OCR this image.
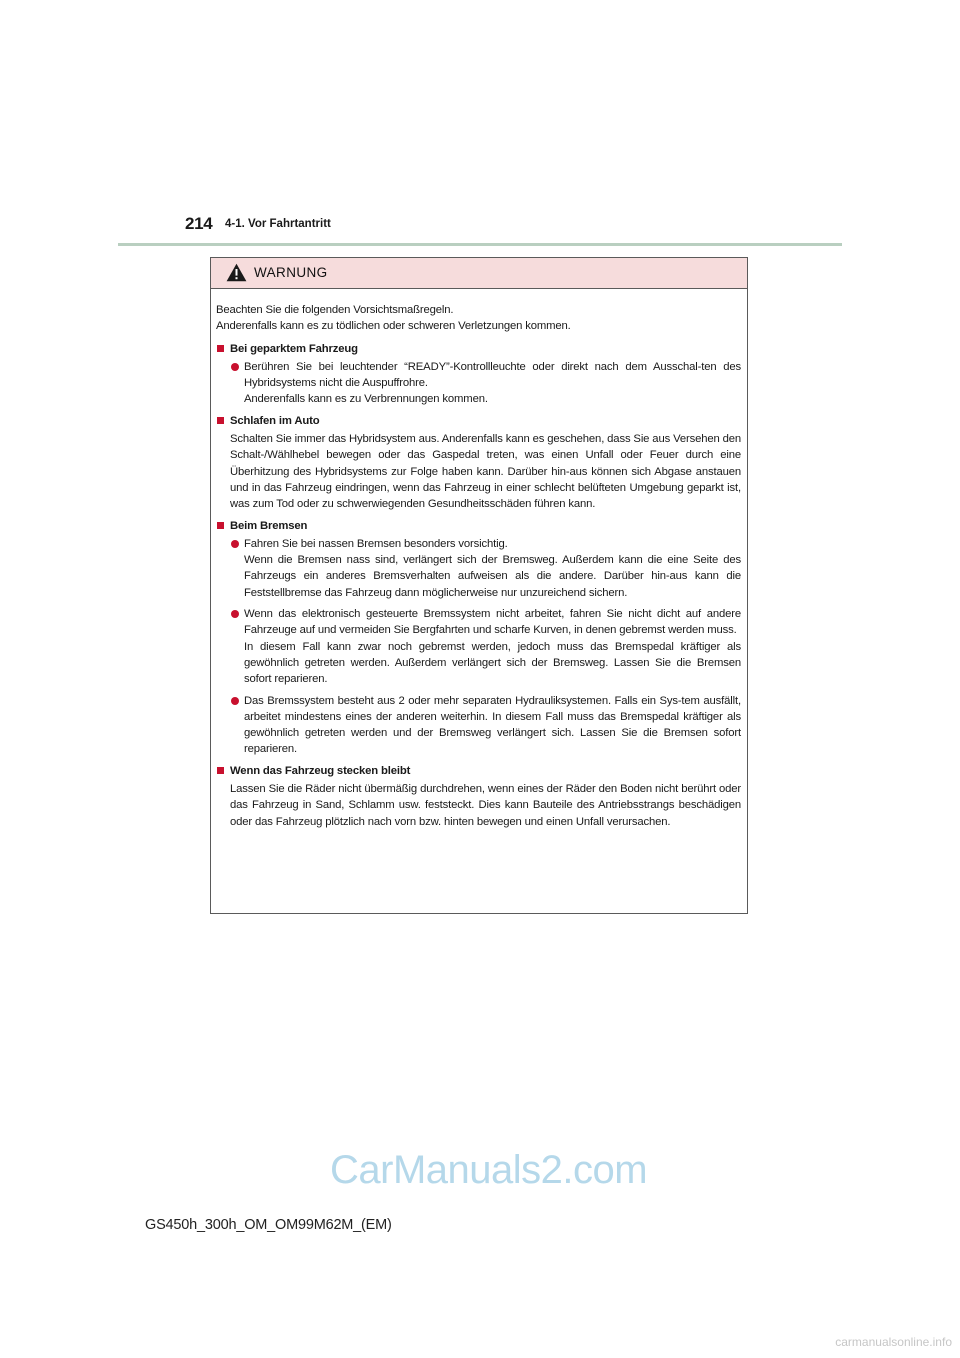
214 4-1. Vor Fahrtantritt
WARNUNG
Beachten Sie die folgenden Vorsichtsmaßregeln.
Anderenfalls kann es zu tödlichen oder schweren Verletzungen kommen.
Bei geparktem Fahrzeug
Berühren Sie bei leuchtender “READY”-Kontrollleuchte oder direkt nach dem Ausschal-ten des Hybridsystems nicht die Auspuffrohre.
Anderenfalls kann es zu Verbrennungen kommen.
Schlafen im Auto
Schalten Sie immer das Hybridsystem aus. Anderenfalls kann es geschehen, dass Sie aus Versehen den Schalt-/Wählhebel bewegen oder das Gaspedal treten, was einen Unfall oder Feuer durch eine Überhitzung des Hybridsystems zur Folge haben kann. Darüber hin-aus können sich Abgase anstauen und in das Fahrzeug eindringen, wenn das Fahrzeug in einer schlecht belüfteten Umgebung geparkt ist, was zum Tod oder zu schwerwiegenden Gesundheitsschäden führen kann.
Beim Bremsen
Fahren Sie bei nassen Bremsen besonders vorsichtig.
Wenn die Bremsen nass sind, verlängert sich der Bremsweg. Außerdem kann die eine Seite des Fahrzeugs ein anderes Bremsverhalten aufweisen als die andere. Darüber hin-aus kann die Feststellbremse das Fahrzeug dann möglicherweise nur unzureichend sichern.
Wenn das elektronisch gesteuerte Bremssystem nicht arbeitet, fahren Sie nicht dicht auf andere Fahrzeuge auf und vermeiden Sie Bergfahrten und scharfe Kurven, in denen gebremst werden muss.
In diesem Fall kann zwar noch gebremst werden, jedoch muss das Bremspedal kräftiger als gewöhnlich getreten werden. Außerdem verlängert sich der Bremsweg. Lassen Sie die Bremsen sofort reparieren.
Das Bremssystem besteht aus 2 oder mehr separaten Hydrauliksystemen. Falls ein Sys-tem ausfällt, arbeitet mindestens eines der anderen weiterhin. In diesem Fall muss das Bremspedal kräftiger als gewöhnlich getreten werden und der Bremsweg verlängert sich. Lassen Sie die Bremsen sofort reparieren.
Wenn das Fahrzeug stecken bleibt
Lassen Sie die Räder nicht übermäßig durchdrehen, wenn eines der Räder den Boden nicht berührt oder das Fahrzeug in Sand, Schlamm usw. feststeckt. Dies kann Bauteile des Antriebsstrangs beschädigen oder das Fahrzeug plötzlich nach vorn bzw. hinten bewegen und einen Unfall verursachen.
CarManuals2.com
GS450h_300h_OM_OM99M62M_(EM)
carmanualsonline.info
